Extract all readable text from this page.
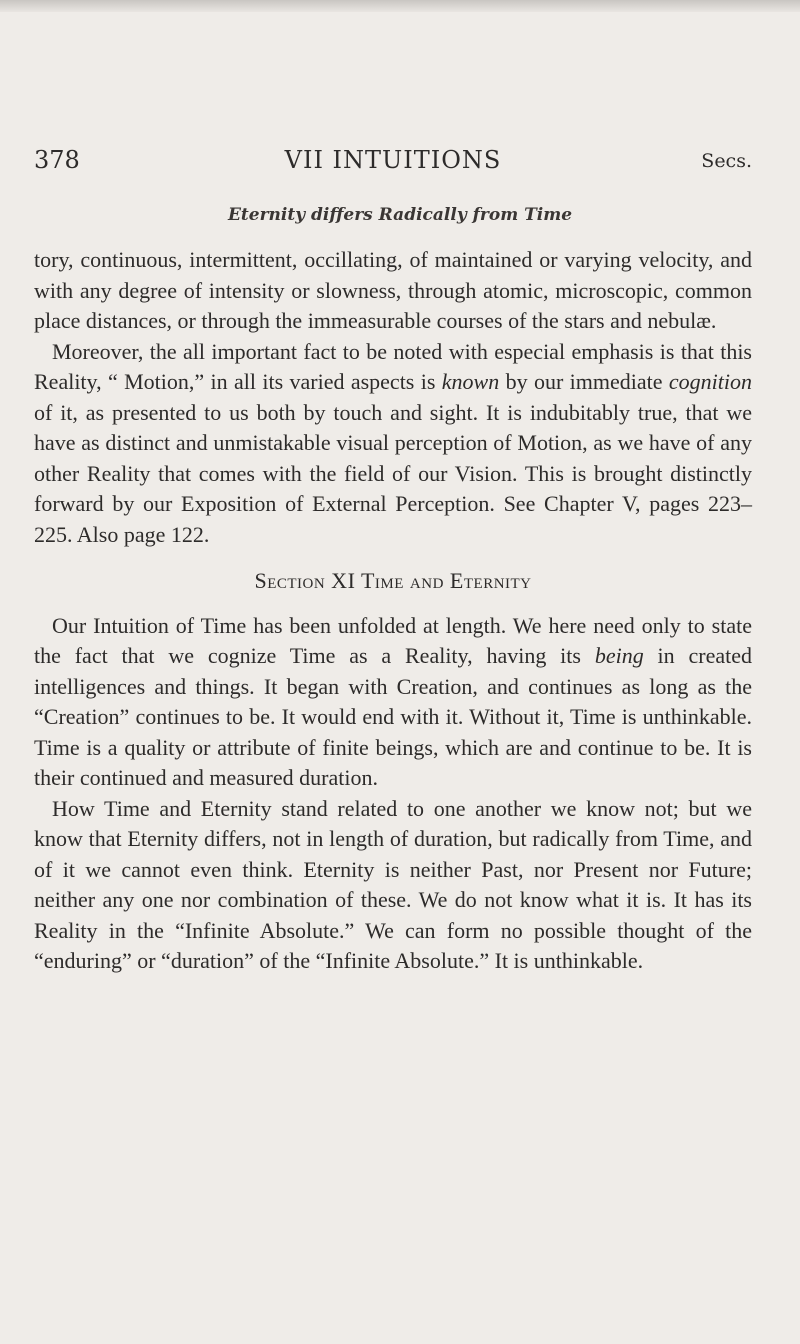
378	VII INTUITIONS	Secs.
Eternity differs Radically from Time

tory, continuous, intermittent, occillating, of maintained or varying velocity, and with any degree of intensity or slowness, through atomic, microscopic, common place distances, or through the immeasurable courses of the stars and nebulæ.

Moreover, the all important fact to be noted with especial emphasis is that this Reality, “ Motion,” in all its varied aspects is known by our immediate cognition of it, as presented to us both by touch and sight. It is indubitably true, that we have as distinct and unmistakable visual perception of Motion, as we have of any other Reality that comes with the field of our Vision. This is brought distinctly forward by our Exposition of External Perception. See Chapter V, pages 223–225. Also page 122.

Section XI Time and Eternity

Our Intuition of Time has been unfolded at length. We here need only to state the fact that we cognize Time as a Reality, having its being in created intelligences and things. It began with Creation, and continues as long as the “Creation” continues to be. It would end with it. Without it, Time is unthinkable. Time is a quality or attribute of finite beings, which are and continue to be. It is their continued and measured duration.

How Time and Eternity stand related to one another we know not; but we know that Eternity differs, not in length of duration, but radically from Time, and of it we cannot even think. Eternity is neither Past, nor Present nor Future; neither any one nor combination of these. We do not know what it is. It has its Reality in the “Infinite Absolute.” We can form no possible thought of the “enduring” or “duration” of the “Infinite Absolute.” It is unthinkable.
